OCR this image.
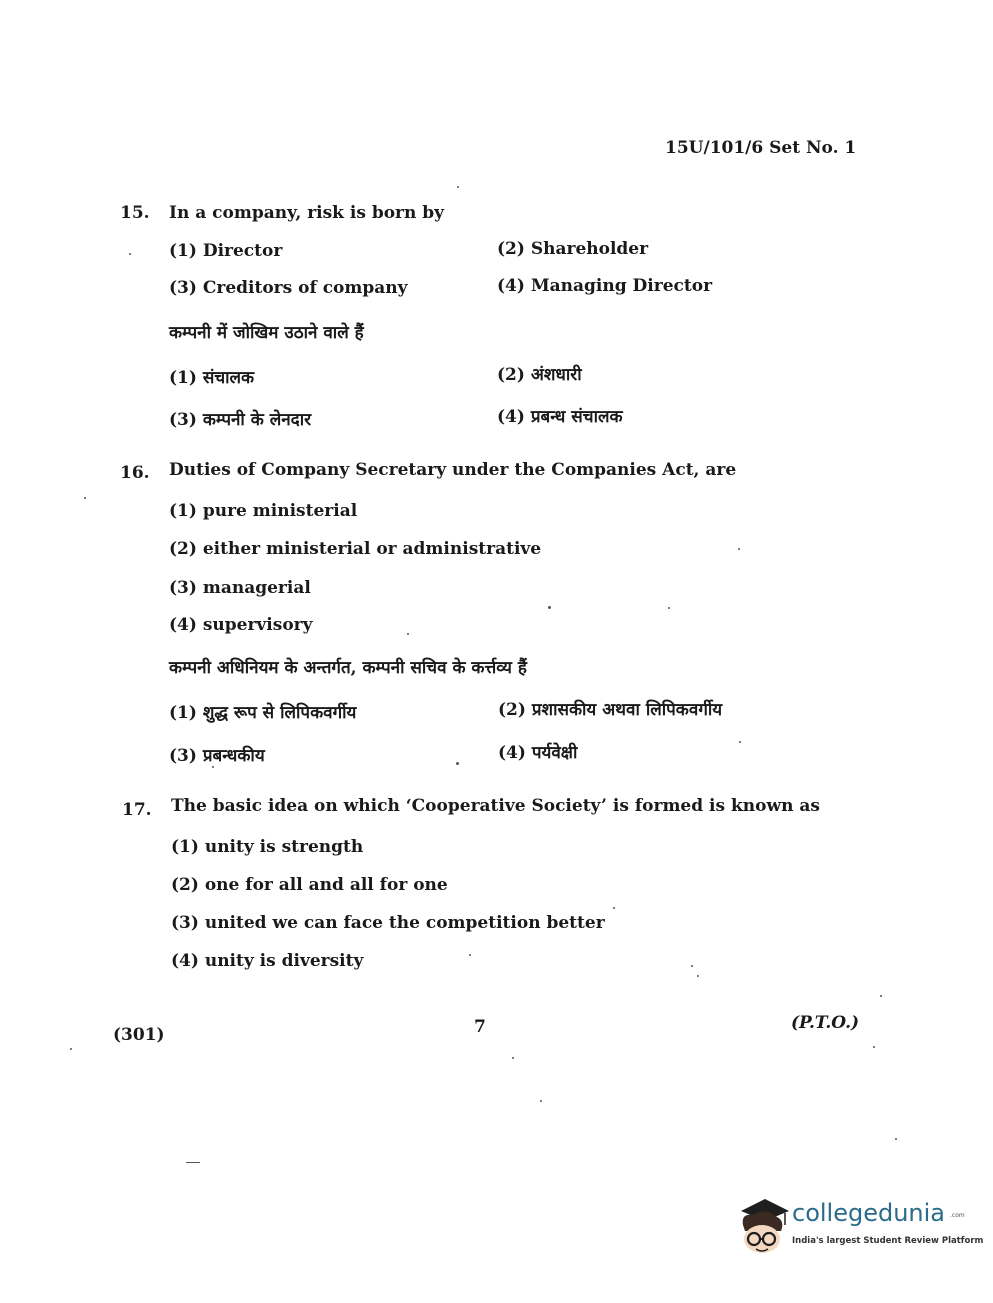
15U/101/6 Set No. 1
15. In a company, risk is born by
(1) Director	(2) Shareholder
(3) Creditors of company	(4) Managing Director
कम्पनी में जोखिम उठाने वाले हैं
(1) संचालक	(2) अंशधारी
(3) कम्पनी के लेनदार	(4) प्रबन्ध संचालक
16. Duties of Company Secretary under the Companies Act, are
(1) pure ministerial
(2) either ministerial or administrative
(3) managerial
(4) supervisory
कम्पनी अधिनियम के अन्तर्गत, कम्पनी सचिव के कर्त्तव्य हैं
(1) शुद्ध रूप से लिपिकवर्गीय	(2) प्रशासकीय अथवा लिपिकवर्गीय
(3) प्रबन्धकीय	(4) पर्यवेक्षी
17. The basic idea on which ‘Cooperative Society’ is formed is known as
(1) unity is strength
(2) one for all and all for one
(3) united we can face the competition better
(4) unity is diversity
(301)	7	(P.T.O.)
collegedunia .com
India's largest Student Review Platform
